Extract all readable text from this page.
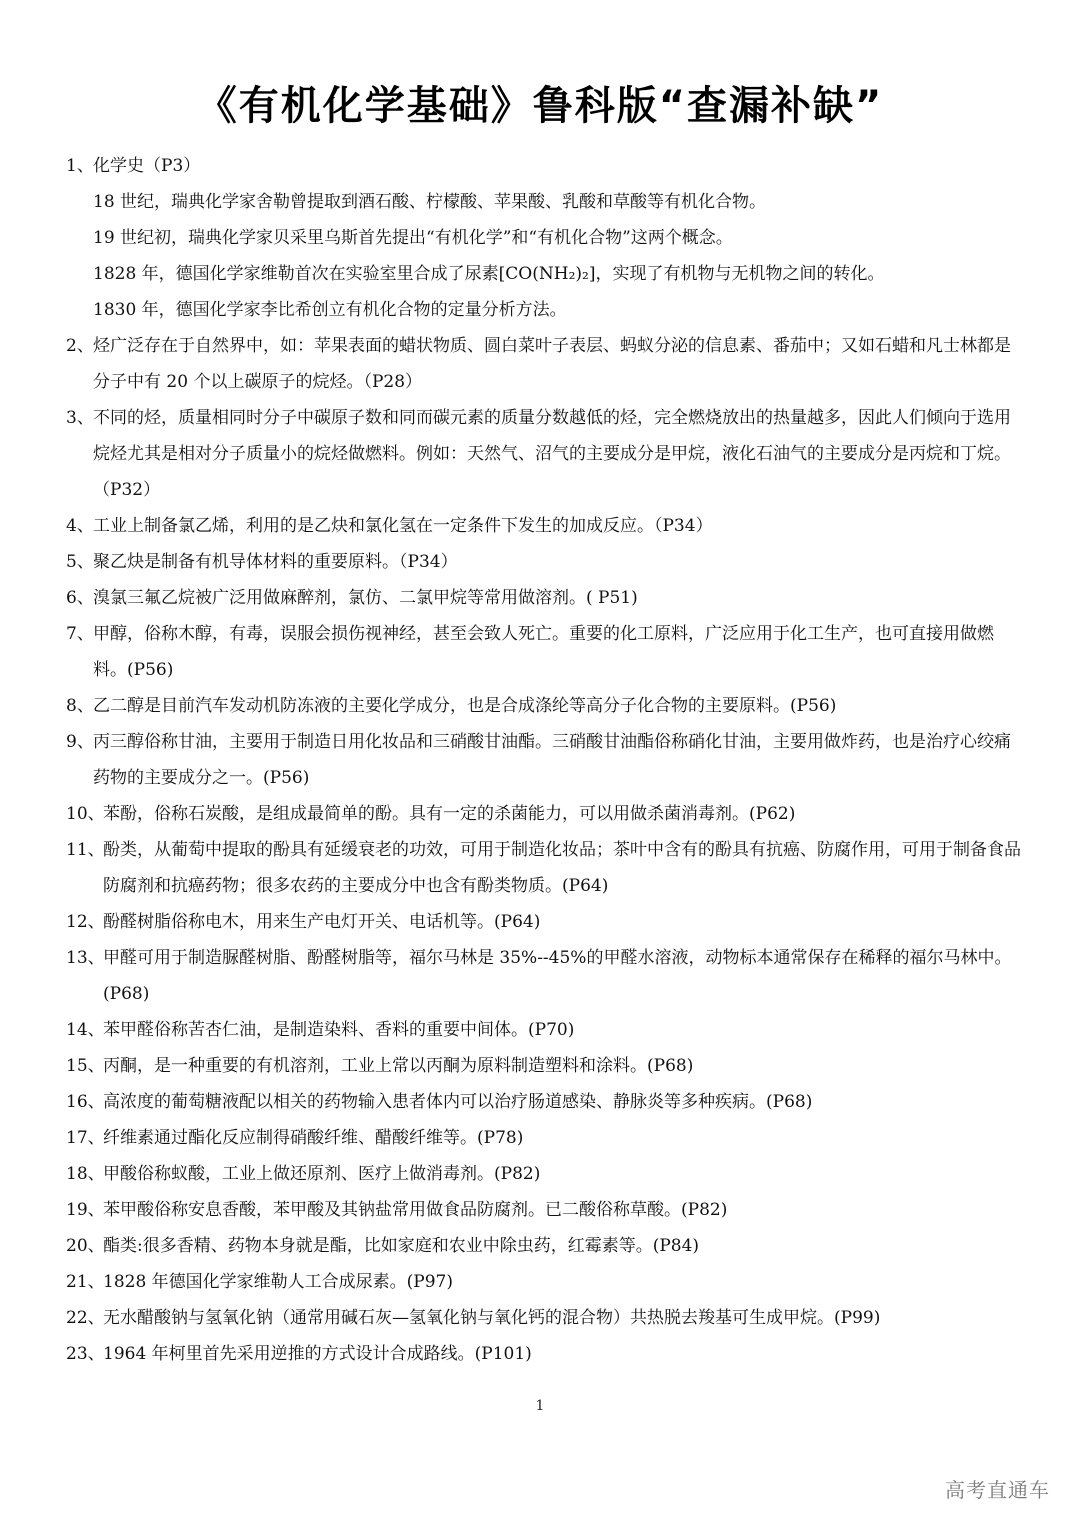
《有机化学基础》鲁科版“查漏补缺”
1、 化学史（P3）
18 世纪，瑞典化学家舍勒曾提取到酒石酸、柠檬酸、苹果酸、乳酸和草酸等有机化合物。
19 世纪初，瑞典化学家贝采里乌斯首先提出“有机化学”和“有机化合物”这两个概念。
1828 年，德国化学家维勒首次在实验室里合成了尿素[CO(NH₂)₂]，实现了有机物与无机物之间的转化。
1830 年，德国化学家李比希创立有机化合物的定量分析方法。
2、 烃广泛存在于自然界中，如：苹果表面的蜡状物质、圆白菜叶子表层、蚂蚁分泌的信息素、番茄中；又如石蜡和凡士林都是分子中有 20 个以上碳原子的烷烃。（P28）
3、 不同的烃，质量相同时分子中碳原子数和同而碳元素的质量分数越低的烃，完全燃烧放出的热量越多，因此人们倾向于选用烷烃尤其是相对分子质量小的烷烃做燃料。例如：天然气、沼气的主要成分是甲烷，液化石油气的主要成分是丙烷和丁烷。（P32）
4、 工业上制备氯乙烯，利用的是乙炔和氯化氢在一定条件下发生的加成反应。（P34）
5、 聚乙炔是制备有机导体材料的重要原料。（P34）
6、 溴氯三氟乙烷被广泛用做麻醉剂，氯仿、二氯甲烷等常用做溶剂。( P51)
7、 甲醇，俗称木醇，有毒，误服会损伤视神经，甚至会致人死亡。重要的化工原料，广泛应用于化工生产，也可直接用做燃料。(P56)
8、 乙二醇是目前汽车发动机防冻液的主要化学成分，也是合成涤纶等高分子化合物的主要原料。(P56)
9、 丙三醇俗称甘油，主要用于制造日用化妆品和三硝酸甘油酯。三硝酸甘油酯俗称硝化甘油，主要用做炸药，也是治疗心绞痛药物的主要成分之一。(P56)
10、
苯酚，俗称石炭酸，是组成最简单的酚。具有一定的杀菌能力，可以用做杀菌消毒剂。(P62)
11、
酚类，从葡萄中提取的酚具有延缓衰老的功效，可用于制造化妆品；茶叶中含有的酚具有抗癌、防腐作用，可用于制备食品防腐剂和抗癌药物；很多农药的主要成分中也含有酚类物质。(P64)
12、
酚醛树脂俗称电木，用来生产电灯开关、电话机等。(P64)
13、
甲醛可用于制造脲醛树脂、酚醛树脂等，福尔马林是 35%--45%的甲醛水溶液，动物标本通常保存在稀释的福尔马林中。(P68)
14、
苯甲醛俗称苦杏仁油，是制造染料、香料的重要中间体。(P70)
15、
丙酮，是一种重要的有机溶剂，工业上常以丙酮为原料制造塑料和涂料。(P68)
16、
高浓度的葡萄糖液配以相关的药物输入患者体内可以治疗肠道感染、静脉炎等多种疾病。(P68)
17、
纤维素通过酯化反应制得硝酸纤维、醋酸纤维等。(P78)
18、
甲酸俗称蚁酸，工业上做还原剂、医疗上做消毒剂。(P82)
19、
苯甲酸俗称安息香酸，苯甲酸及其钠盐常用做食品防腐剂。已二酸俗称草酸。(P82)
20、
酯类:很多香精、药物本身就是酯，比如家庭和农业中除虫药，红霉素等。(P84)
21、
1828 年德国化学家维勒人工合成尿素。(P97)
22、
无水醋酸钠与氢氧化钠（通常用碱石灰—氢氧化钠与氧化钙的混合物）共热脱去羧基可生成甲烷。(P99)
23、
1964 年柯里首先采用逆推的方式设计合成路线。(P101)
1
高考直通车
